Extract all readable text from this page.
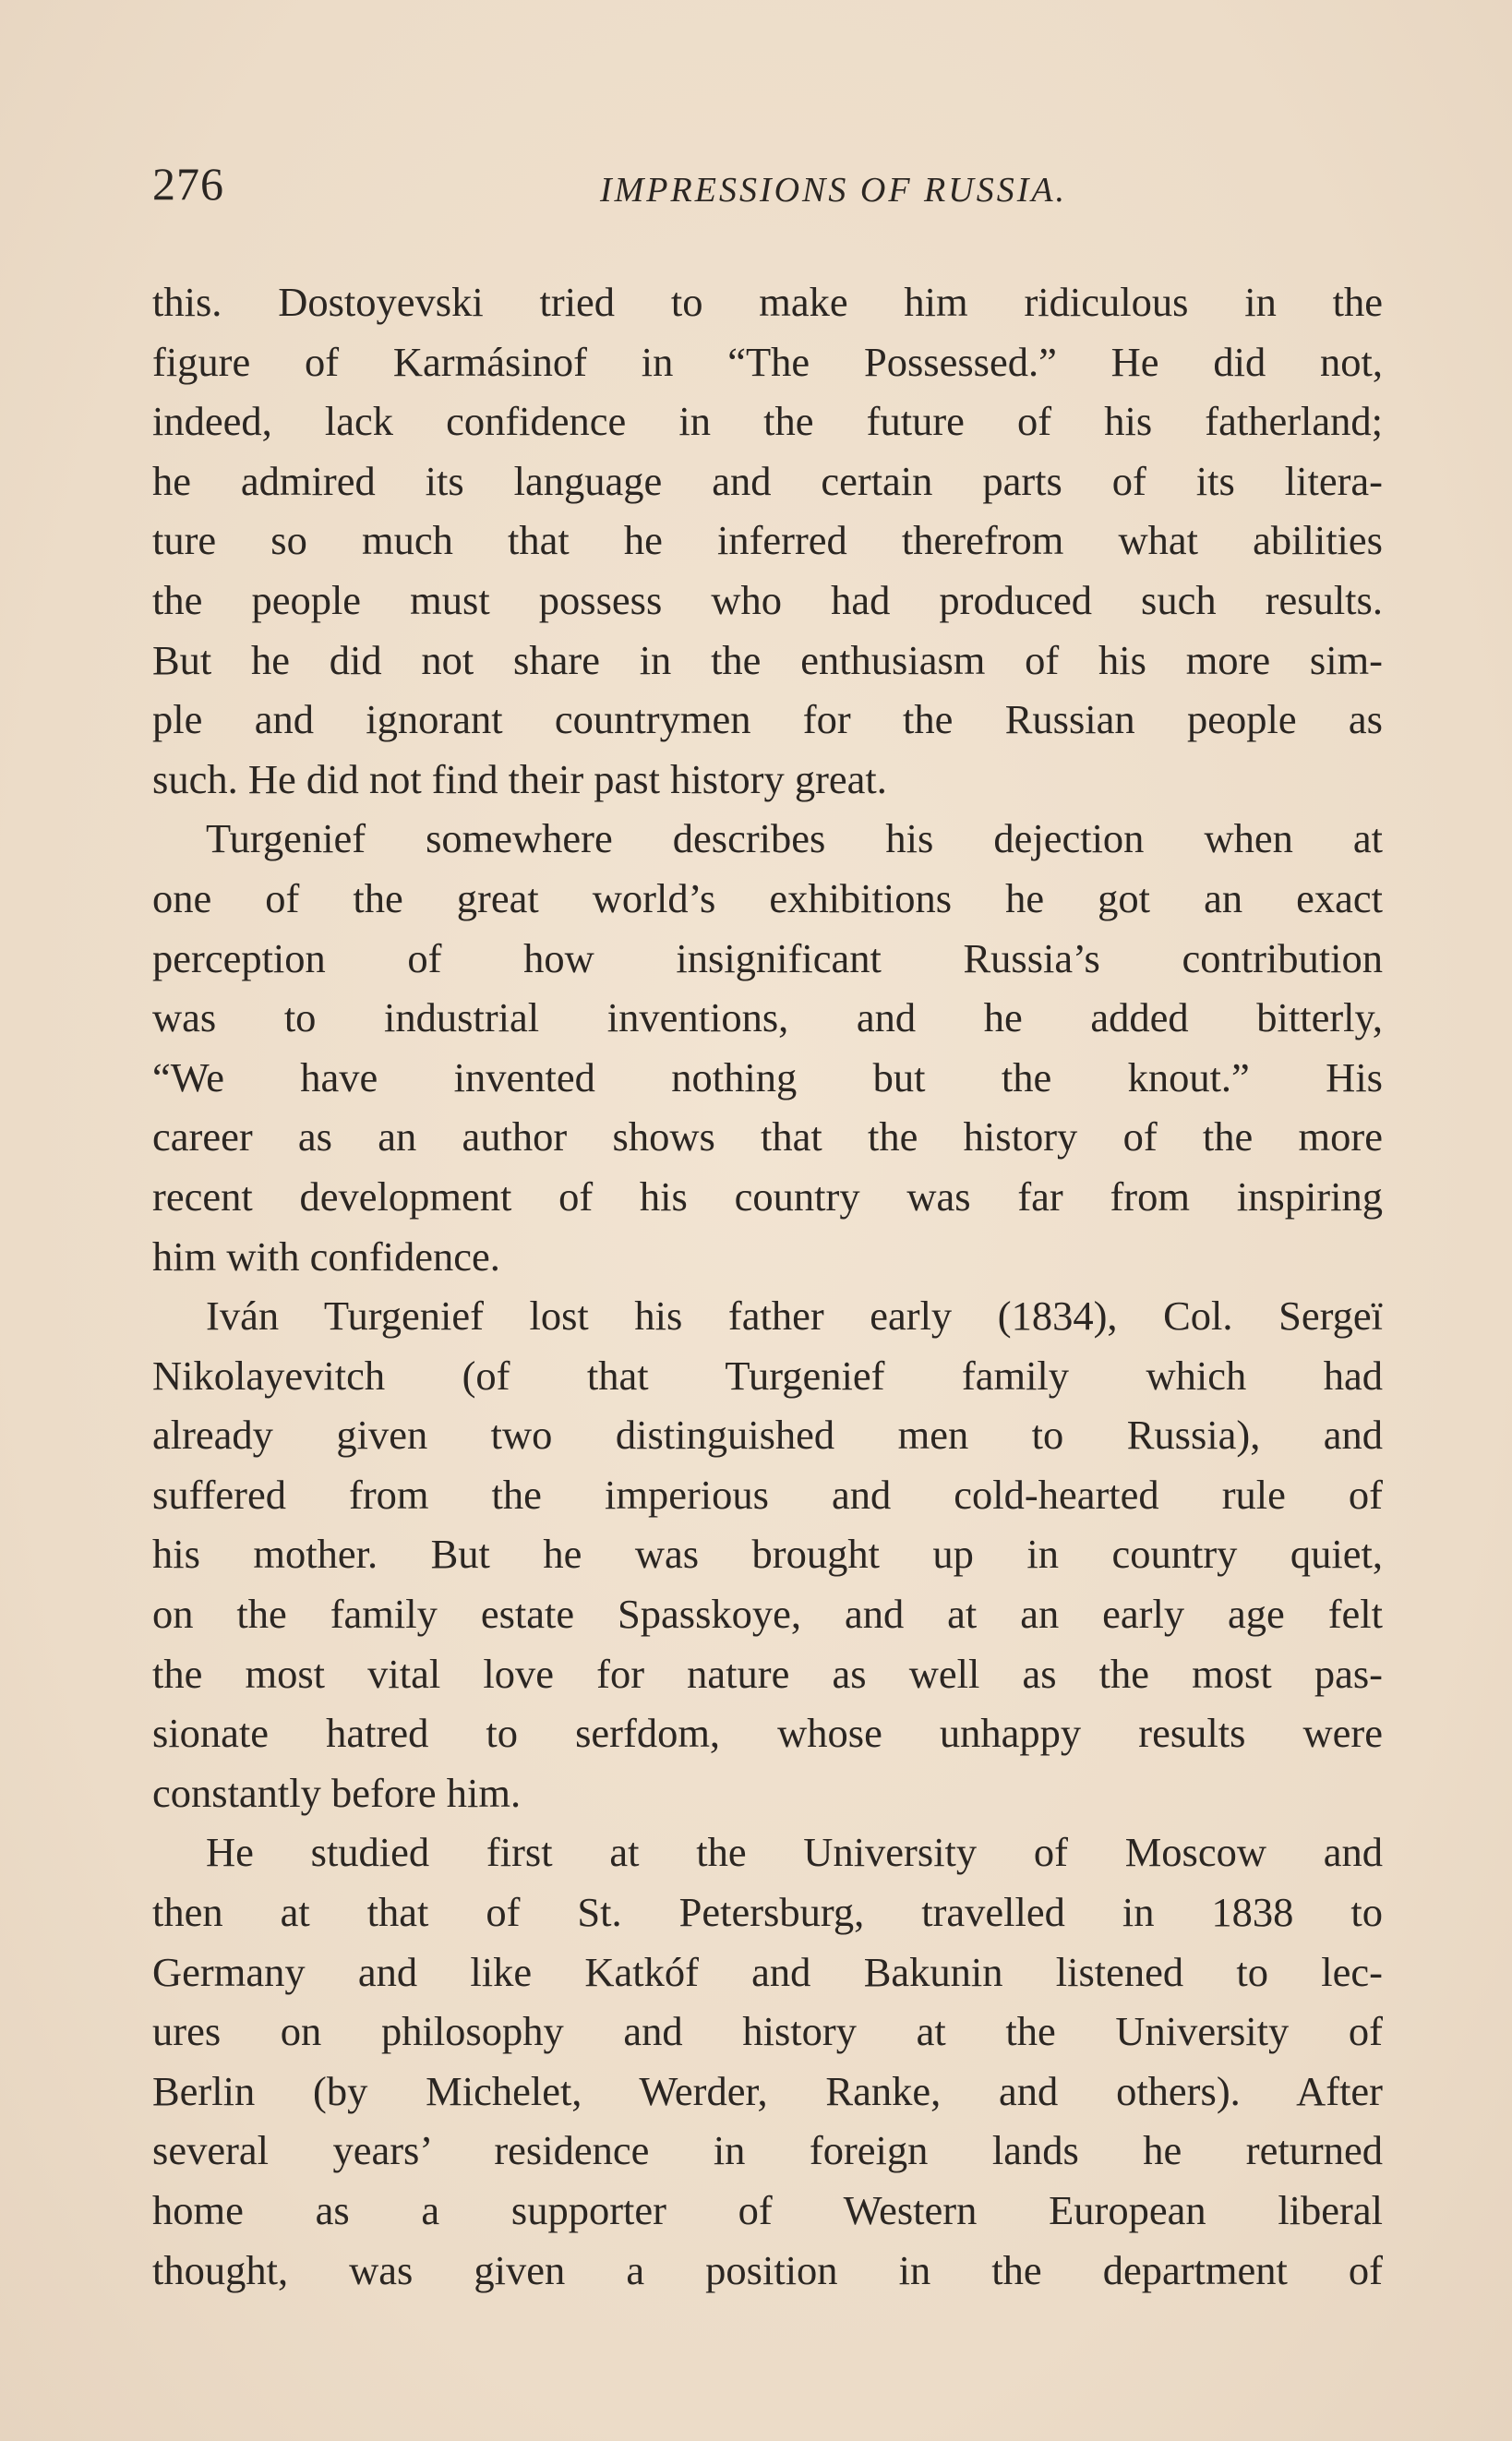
276	IMPRESSIONS OF RUSSIA.
this. Dostoyevski tried to make him ridiculous in the
figure of Karmásinof in “The Possessed.” He did not,
indeed, lack confidence in the future of his fatherland;
he admired its language and certain parts of its litera-
ture so much that he inferred therefrom what abilities
the people must possess who had produced such results.
But he did not share in the enthusiasm of his more sim-
ple and ignorant countrymen for the Russian people as
such. He did not find their past history great.
Turgenief somewhere describes his dejection when at
one of the great world’s exhibitions he got an exact
perception of how insignificant Russia’s contribution
was to industrial inventions, and he added bitterly,
“We have invented nothing but the knout.” His
career as an author shows that the history of the more
recent development of his country was far from inspiring
him with confidence.
Iván Turgenief lost his father early (1834), Col. Sergeï
Nikolayevitch (of that Turgenief family which had
already given two distinguished men to Russia), and
suffered from the imperious and cold-hearted rule of
his mother. But he was brought up in country quiet,
on the family estate Spasskoye, and at an early age felt
the most vital love for nature as well as the most pas-
sionate hatred to serfdom, whose unhappy results were
constantly before him.
He studied first at the University of Moscow and
then at that of St. Petersburg, travelled in 1838 to
Germany and like Katkóf and Bakunin listened to lec-
ures on philosophy and history at the University of
Berlin (by Michelet, Werder, Ranke, and others). After
several years’ residence in foreign lands he returned
home as a supporter of Western European liberal
thought, was given a position in the department of
